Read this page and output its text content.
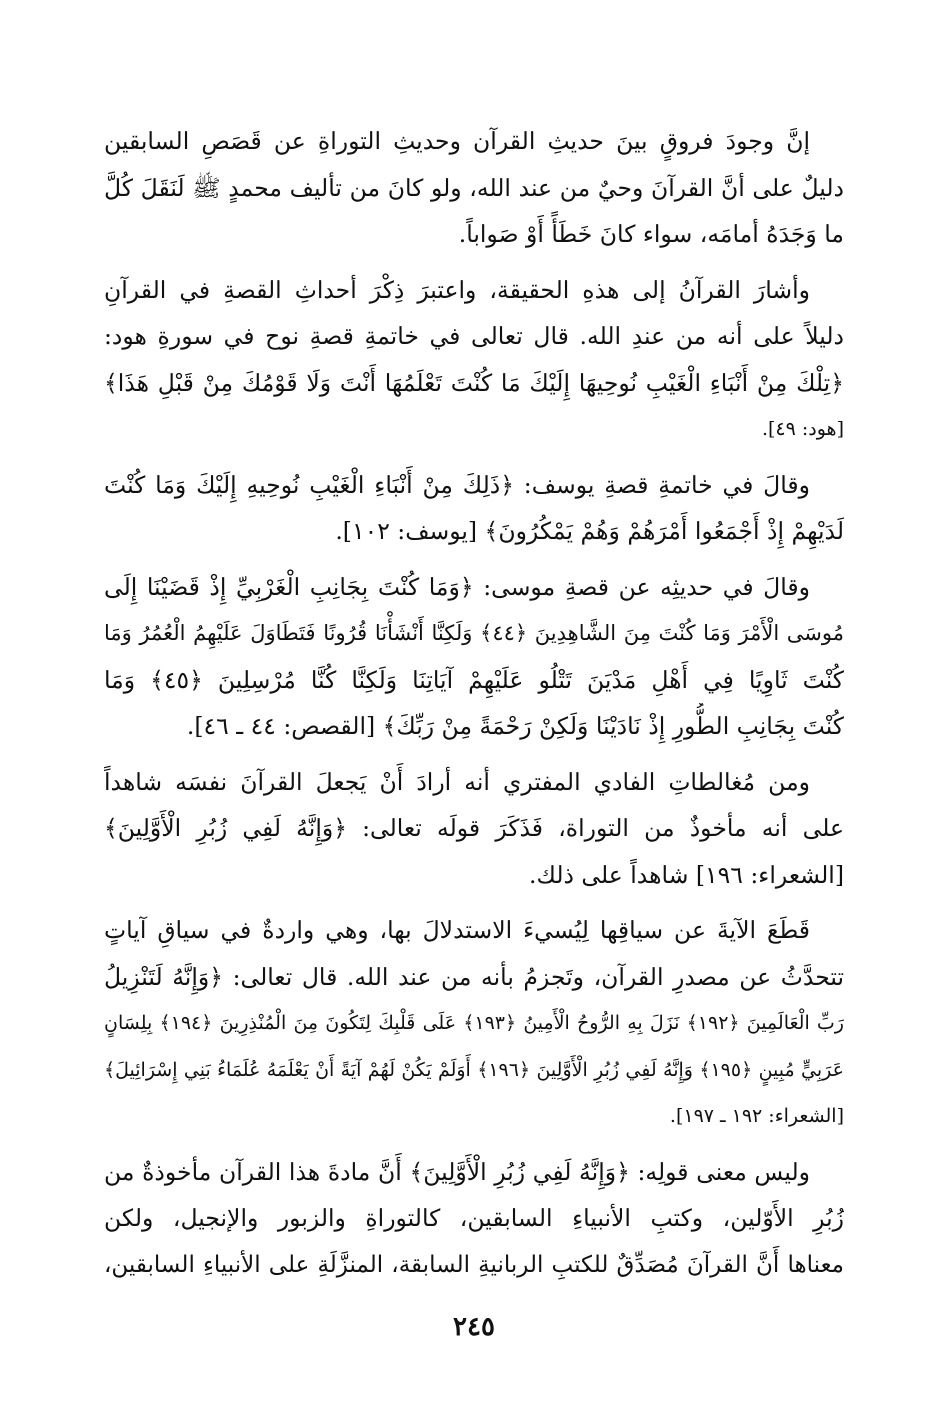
إنَّ وجودَ فروقٍ بينَ حديثِ القرآن وحديثِ التوراةِ عن قَصَصِ السابقين
دليلٌ على أنَّ القرآنَ وحيٌ من عند الله، ولو كانَ من تأليف محمدٍ ﷺ لَنَقَلَ كُلَّ
ما وَجَدَهُ أمامَه، سواء كانَ خَطَأً أَوْ صَواباً.
وأشارَ القرآنُ إلى هذهِ الحقيقة، واعتبرَ ذِكْرَ أحداثِ القصةِ في القرآنِ
دليلاً على أنه من عندِ الله. قال تعالى في خاتمةِ قصةِ نوح في سورةِ هود:
﴿تِلْكَ مِنْ أَنْبَاءِ الْغَيْبِ نُوحِيهَا إِلَيْكَ مَا كُنْتَ تَعْلَمُهَا أَنْتَ وَلَا قَوْمُكَ مِنْ قَبْلِ هَذَا﴾
[هود: ٤٩].
وقالَ في خاتمةِ قصةِ يوسف: ﴿ذَلِكَ مِنْ أَنْبَاءِ الْغَيْبِ نُوحِيهِ إِلَيْكَ وَمَا كُنْتَ
لَدَيْهِمْ إِذْ أَجْمَعُوا أَمْرَهُمْ وَهُمْ يَمْكُرُونَ﴾ [يوسف: ١٠٢].
وقالَ في حديثِه عن قصةِ موسى: ﴿وَمَا كُنْتَ بِجَانِبِ الْغَرْبِيِّ إِذْ قَضَيْنَا إِلَى
مُوسَى الْأَمْرَ وَمَا كُنْتَ مِنَ الشَّاهِدِينَ ﴿٤٤﴾ وَلَكِنَّا أَنْشَأْنَا قُرُونًا فَتَطَاوَلَ عَلَيْهِمُ الْعُمُرُ وَمَا
كُنْتَ ثَاوِيًا فِي أَهْلِ مَدْيَنَ تَتْلُو عَلَيْهِمْ آيَاتِنَا وَلَكِنَّا كُنَّا مُرْسِلِينَ ﴿٤٥﴾ وَمَا
كُنْتَ بِجَانِبِ الطُّورِ إِذْ نَادَيْنَا وَلَكِنْ رَحْمَةً مِنْ رَبِّكَ﴾ [القصص: ٤٤ ـ ٤٦].
ومن مُغالطاتِ الفادي المفتري أنه أرادَ أَنْ يَجعلَ القرآنَ نفسَه شاهداً
على أنه مأخوذٌ من التوراة، فَذَكَرَ قولَه تعالى: ﴿وَإِنَّهُ لَفِي زُبُرِ الْأَوَّلِينَ﴾
[الشعراء: ١٩٦] شاهداً على ذلك.
قَطَعَ الآيةَ عن سياقِها لِيُسيءَ الاستدلالَ بها، وهي واردةٌ في سياقِ آياتٍ
تتحدَّثُ عن مصدرِ القرآن، وتَجزمُ بأنه من عند الله. قال تعالى: ﴿وَإِنَّهُ لَتَنْزِيلُ
رَبِّ الْعَالَمِينَ ﴿١٩٢﴾ نَزَلَ بِهِ الرُّوحُ الْأَمِينُ ﴿١٩٣﴾ عَلَى قَلْبِكَ لِتَكُونَ مِنَ الْمُنْذِرِينَ ﴿١٩٤﴾ بِلِسَانٍ
عَرَبِيٍّ مُبِينٍ ﴿١٩٥﴾ وَإِنَّهُ لَفِي زُبُرِ الْأَوَّلِينَ ﴿١٩٦﴾ أَوَلَمْ يَكُنْ لَهُمْ آيَةً أَنْ يَعْلَمَهُ عُلَمَاءُ بَنِي إِسْرَائِيلَ﴾
[الشعراء: ١٩٢ ـ ١٩٧].
وليس معنى قولِه: ﴿وَإِنَّهُ لَفِي زُبُرِ الْأَوَّلِينَ﴾ أَنَّ مادةَ هذا القرآن مأخوذةٌ من
زُبُرِ الأَوّلين، وكتبِ الأنبياءِ السابقين، كالتوراةِ والزبور والإنجيل، ولكن
معناها أَنَّ القرآنَ مُصَدِّقٌ للكتبِ الربانيةِ السابقة، المنزَّلَةِ على الأنبياءِ السابقين،
٢٤٥
